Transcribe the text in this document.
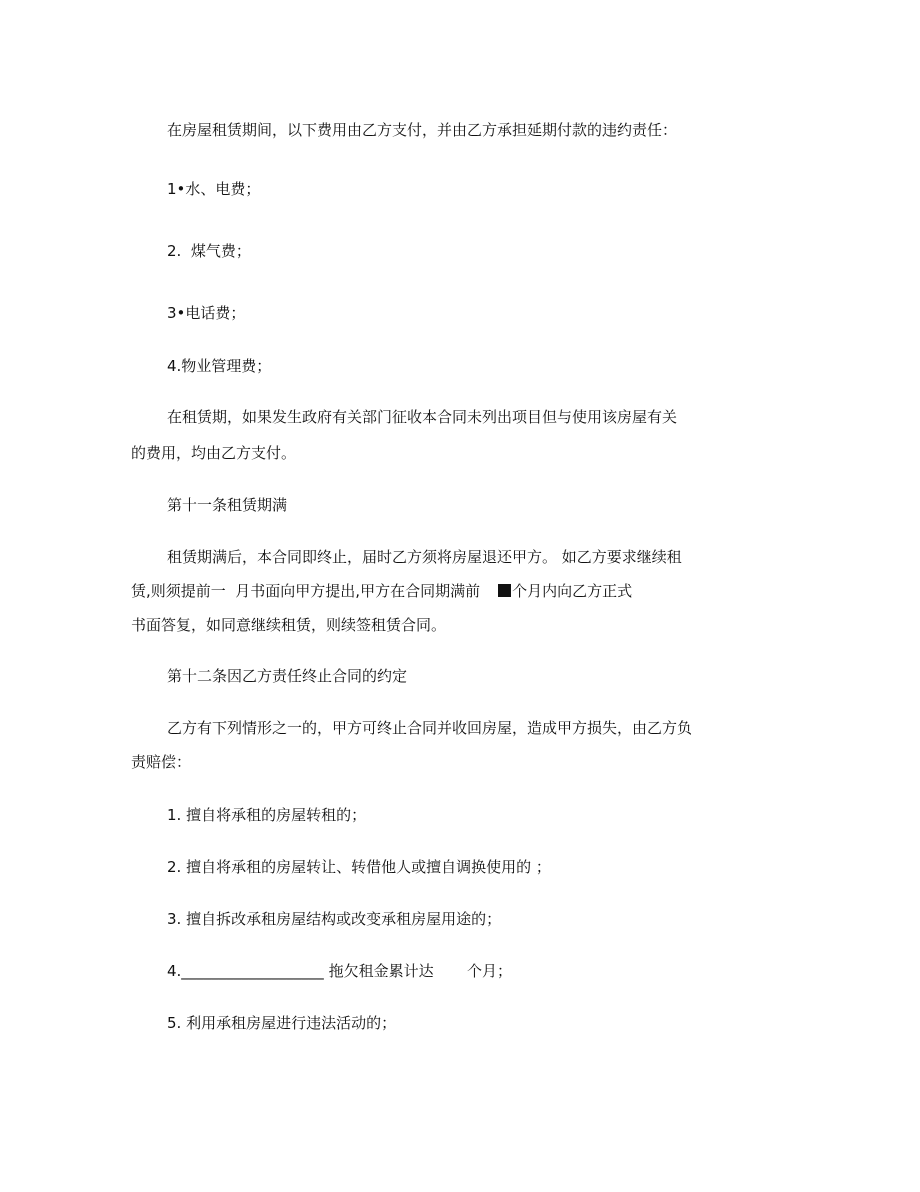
在房屋租赁期间，以下费用由乙方支付，并由乙方承担延期付款的违约责任：

1•水、电费；

2.  煤气费；

3•电话费；

4.物业管理费；

在租赁期，如果发生政府有关部门征收本合同未列出项目但与使用该房屋有关

的费用，均由乙方支付。

第十一条租赁期满

租赁期满后，本合同即终止，届时乙方须将房屋退还甲方。 如乙方要求继续租

赁,则须提前一  月书面向甲方提出,甲方在合同期满前 个月内向乙方正式

书面答复，如同意继续租赁，则续签租赁合同。

第十二条因乙方责任终止合同的约定

乙方有下列情形之一的，甲方可终止合同并收回房屋，造成甲方损失，由乙方负

责赔偿：

1. 擅自将承租的房屋转租的；

2. 擅自将承租的房屋转让、转借他人或擅自调换使用的 ；

3. 擅自拆改承租房屋结构或改变承租房屋用途的；

4.___________________ 拖欠租金累计达       个月；

5. 利用承租房屋进行违法活动的；
